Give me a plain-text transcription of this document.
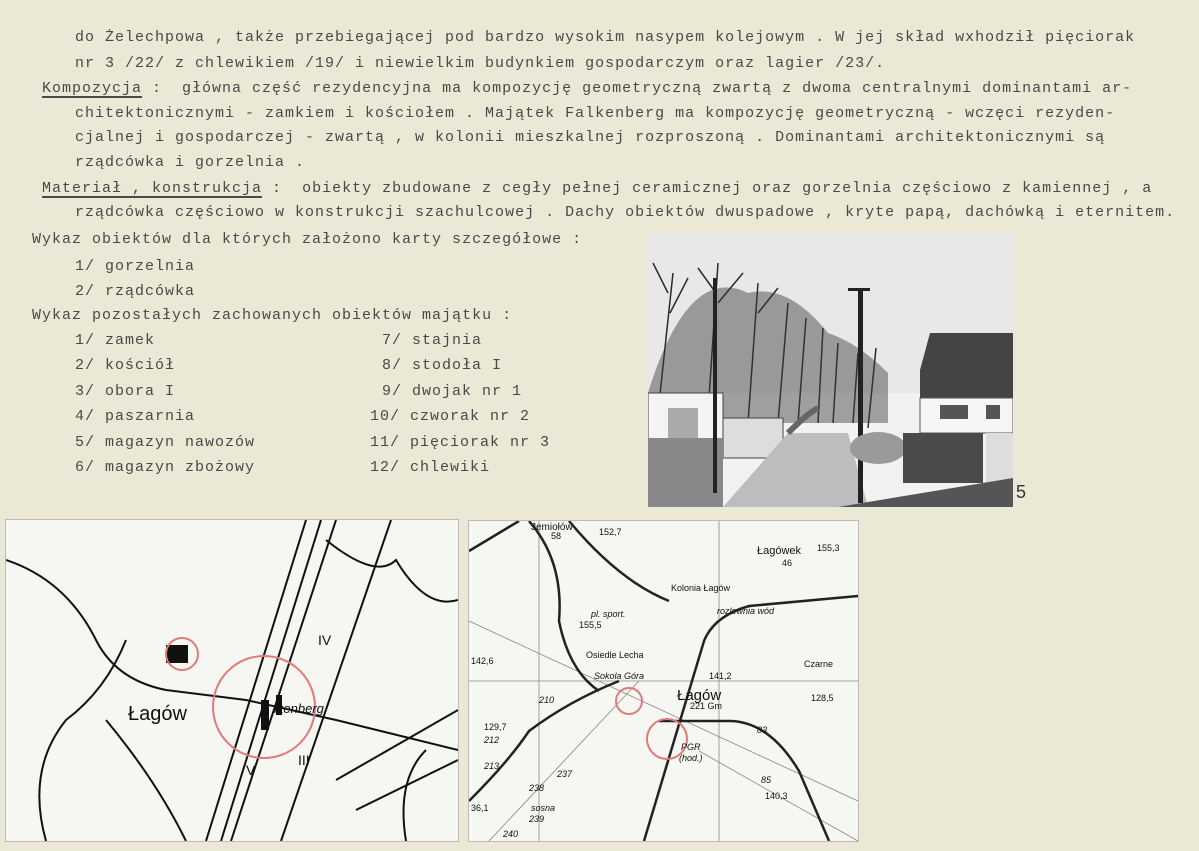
do Żelechpowa , także przebiegającej pod bardzo wysokim nasypem kolejowym . W jej skład wxhodził pięciorak
nr 3 /22/ z chlewikiem /19/ i niewielkim budynkiem gospodarczym oraz lagier /23/.
Kompozycja : główna część rezydencyjna ma kompozycję geometryczną zwartą z dwoma centralnymi dominantami ar-
chitektonicznymi - zamkiem i kościołem . Majątek Falkenberg ma kompozycję geometryczną - wczęci rezyden-
cjalnej i gospodarczej - zwartą , w kolonii mieszkalnej rozproszoną . Dominantami architektonicznymi są
rządcówka i gorzelnia .
Materiał , konstrukcja : obiekty zbudowane z cegły pełnej ceramicznej oraz gorzelnia częściowo z kamiennej , a
rządcówka częściowo w konstrukcji szachulcowej . Dachy obiektów dwuspadowe , kryte papą, dachówką i eternitem.
Wykaz obiektów dla których założono karty szczegółowe :
1/ gorzelnia
2/ rządcówka
Wykaz pozostałych zachowanych obiektów majątku :
1/ zamek
2/ kościół
3/ obora I
4/ paszarnia
5/ magazyn nawozów
6/ magazyn zbożowy
7/ stajnia
8/ stodoła I
9/ dwojak nr 1
10/ czworak nr 2
11/ pięciorak nr 3
12/ chlewiki
5
Łagów	lkenberg
IV
III
V
Jemiołów
58	152,7
Łagówek
46
155,3
Kolonia Łagów
rozlewnia wód
pl. sport.
155,5
Osiedle Lecha
142,6
Sokola Góra
Czarne
141,2
Łagów	128,5
221 Gm
210
129,7
212
PGR
(hod.)
213
237
238
sosna
239
36,1
240
140,3
83
85
